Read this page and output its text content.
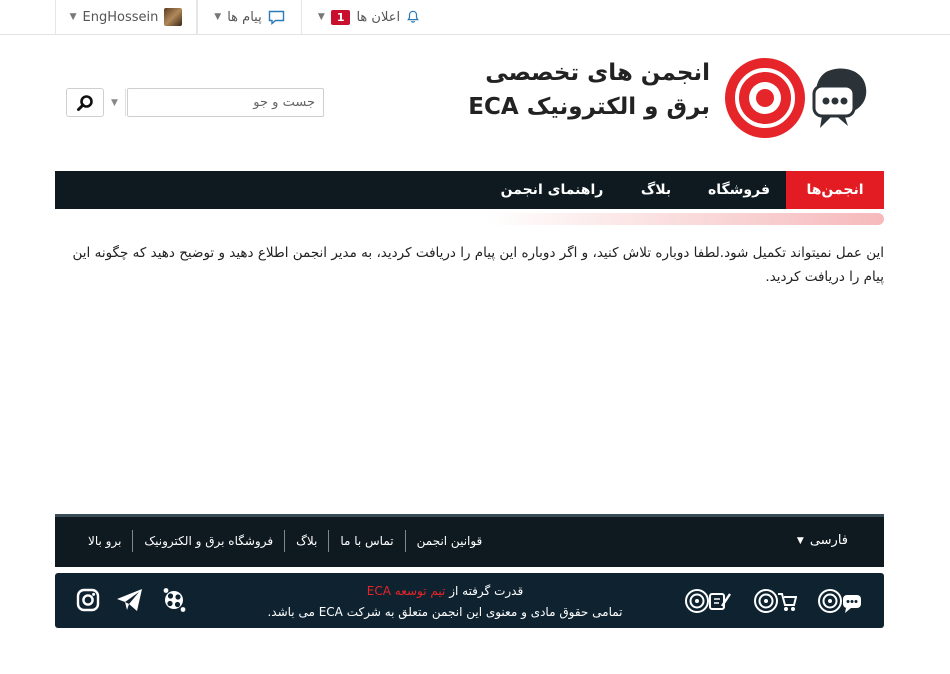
▼	1 اعلان ها
▼ پیام ها
▼ EngHossein
انجمن های تخصصی
برق و الکترونیک ECA
▼
جست و جو
انجمن‌ها
فروشگاه
بلاگ
راهنمای انجمن
این عمل نمیتواند تکمیل شود.لطفا دوباره تلاش کنید، و اگر دوباره این پیام را دریافت کردید، به مدیر انجمن اطلاع دهید و توضیح دهید که چگونه این پیام را دریافت کردید.
فارسی
▼
قوانین انجمن
تماس با ما
بلاگ
فروشگاه برق و الکترونیک
برو بالا
قدرت گرفته از تیم توسعه ECA
تمامی حقوق مادی و معنوی این انجمن متعلق به شرکت ECA می باشد.
